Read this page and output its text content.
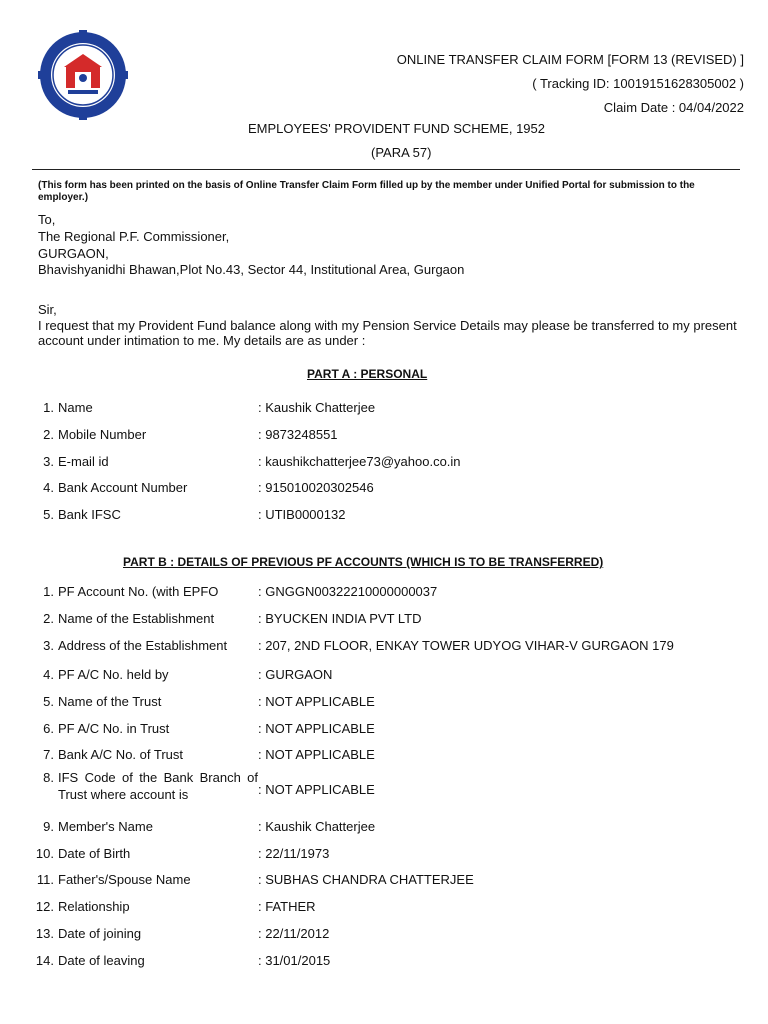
ONLINE TRANSFER CLAIM FORM [FORM 13 (REVISED) ]
( Tracking ID: 10019151628305002 )
Claim Date : 04/04/2022
EMPLOYEES' PROVIDENT FUND SCHEME, 1952
(PARA 57)
(This form has been printed on the basis of Online Transfer Claim Form filled up by the member under Unified Portal for submission to the employer.)
To,
The Regional P.F. Commissioner,
GURGAON,
Bhavishyanidhi Bhawan,Plot No.43, Sector 44, Institutional Area, Gurgaon
Sir,
I request that my Provident Fund balance along with my Pension Service Details may please be transferred to my present
account under intimation to me. My details are as under :
PART A : PERSONAL
1. Name	: Kaushik Chatterjee
2. Mobile Number	: 9873248551
3. E-mail id	: kaushikchatterjee73@yahoo.co.in
4. Bank Account Number	: 915010020302546
5. Bank IFSC	: UTIB0000132
PART B : DETAILS OF PREVIOUS PF ACCOUNTS (WHICH IS TO BE TRANSFERRED)
1. PF Account No. (with EPFO	: GNGGN00322210000000037
2. Name of the Establishment	: BYUCKEN INDIA PVT LTD
3. Address of the Establishment : 207, 2ND FLOOR, ENKAY TOWER UDYOG VIHAR-V GURGAON 179
4. PF A/C No. held by	: GURGAON
5. Name of the Trust	: NOT APPLICABLE
6. PF A/C No. in Trust	: NOT APPLICABLE
7. Bank A/C No. of Trust	: NOT APPLICABLE
8. IFS Code of the Bank Branch of Trust where account is	: NOT APPLICABLE
9. Member's Name	: Kaushik Chatterjee
10. Date of Birth	: 22/11/1973
11. Father's/Spouse Name	: SUBHAS CHANDRA CHATTERJEE
12. Relationship	: FATHER
13. Date of joining	: 22/11/2012
14. Date of leaving	: 31/01/2015
